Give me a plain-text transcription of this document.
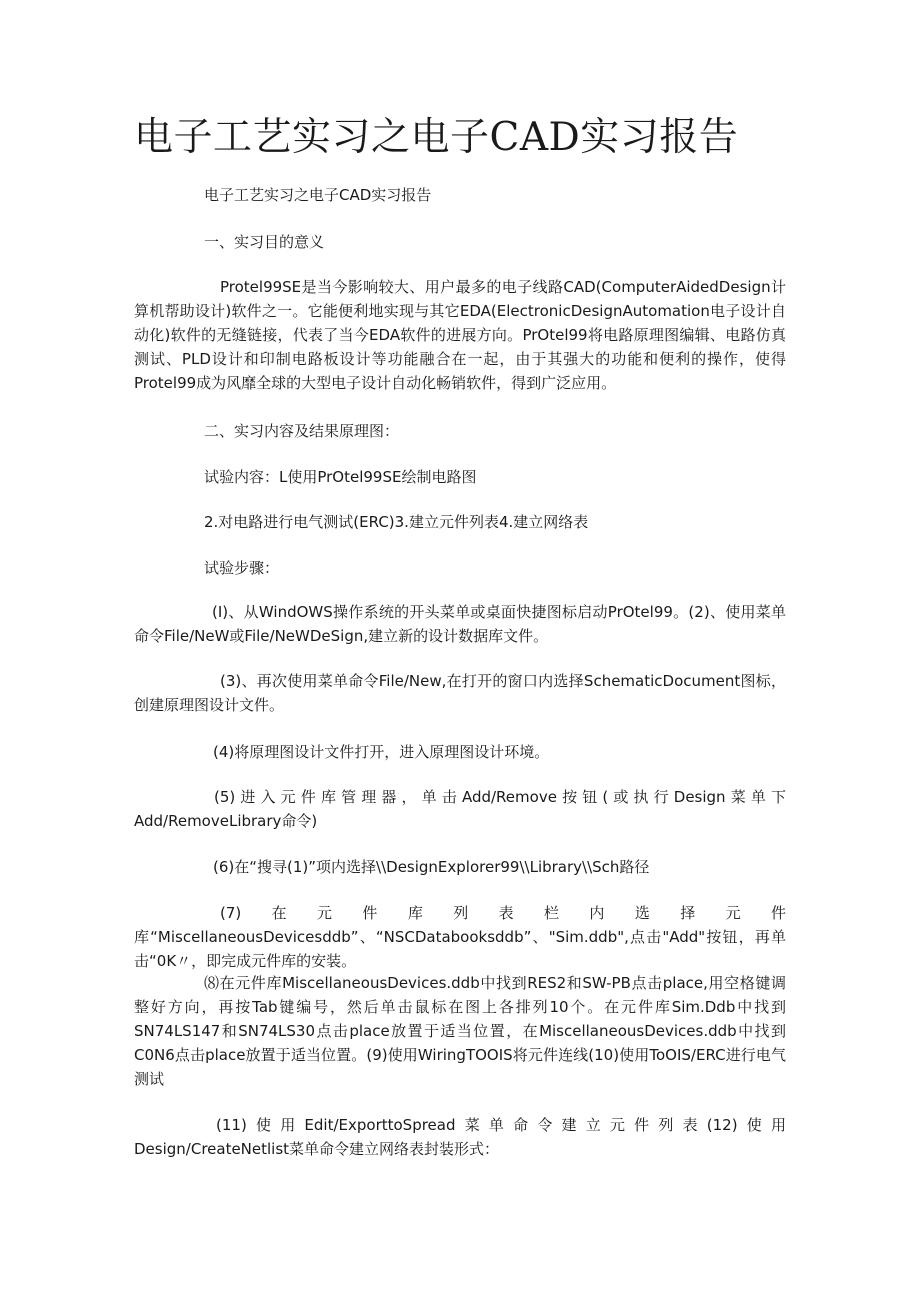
电子工艺实习之电子CAD实习报告

电子工艺实习之电子CAD实习报告

一、实习目的意义

Protel99SE是当今影响较大、用户最多的电子线路CAD(ComputerAidedDesign计算机帮助设计)软件之一。它能便利地实现与其它EDA(ElectronicDesignAutomation电子设计自动化)软件的无缝链接，代表了当今EDA软件的进展方向。PrOtel99将电路原理图编辑、电路仿真测试、PLD设计和印制电路板设计等功能融合在一起，由于其强大的功能和便利的操作，使得Protel99成为风靡全球的大型电子设计自动化畅销软件，得到广泛应用。

二、实习内容及结果原理图：

试验内容：L使用PrOtel99SE绘制电路图

2.对电路进行电气测试(ERC)3.建立元件列表4.建立网络表

试验步骤：

(I)、从WindOWS操作系统的开头菜单或桌面快捷图标启动PrOtel99。(2)、使用菜单命令File/NeW或File/NeWDeSign,建立新的设计数据库文件。

(3)、再次使用菜单命令File/New,在打开的窗口内选择SchematicDocument图标，创建原理图设计文件。

(4)将原理图设计文件打开，进入原理图设计环境。

(5)进入元件库管理器，单击Add/Remove按钮(或执行Design菜单下Add/RemoveLibrary命令)

(6)在“搜寻(1)”项内选择\\DesignExplorer99\\Library\\Sch路径

(7)在元件库列表栏内选择元件库“MiscellaneousDevicesddb”、“NSCDatabooksddb”、"Sim.ddb",点击"Add"按钮，再单击“0K〃，即完成元件库的安装。

⑻在元件库MiscellaneousDevices.ddb中找到RES2和SW-PB点击place,用空格键调整好方向，再按Tab键编号，然后单击鼠标在图上各排列10个。在元件库Sim.Ddb中找到SN74LS147和SN74LS30点击place放置于适当位置，在MiscellaneousDevices.ddb中找到C0N6点击place放置于适当位置。(9)使用WiringTOOIS将元件连线(10)使用ToOIS/ERC进行电气测试

(11)使用Edit/ExporttoSpread菜单命令建立元件列表(12)使用Design/CreateNetlist菜单命令建立网络表封装形式：
